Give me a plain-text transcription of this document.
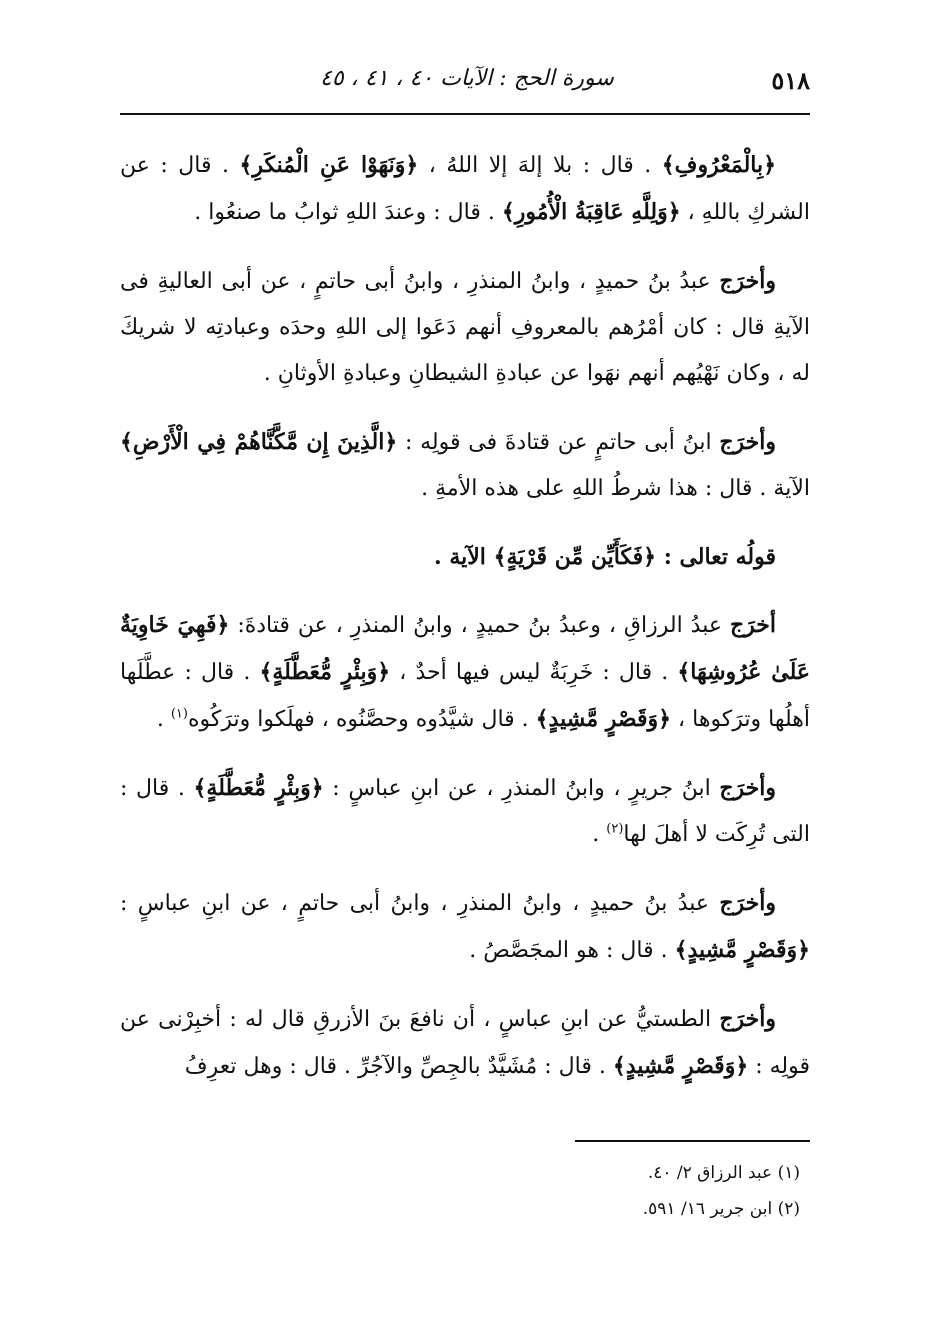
٥١٨
سورة الحج : الآيات ٤٠ ، ٤١ ، ٤٥

﴿بِالْمَعْرُوفِ﴾ . قال : بلا إلهَ إلا اللهُ ، ﴿وَنَهَوْا عَنِ الْمُنكَرِ﴾ . قال : عن الشركِ باللهِ ، ﴿وَلِلَّهِ عَاقِبَةُ الْأُمُورِ﴾ . قال : وعندَ اللهِ ثوابُ ما صنعُوا .

وأخرَج عبدُ بنُ حميدٍ ، وابنُ المنذرِ ، وابنُ أبى حاتمٍ ، عن أبى العاليةِ فى الآيةِ قال : كان أمْرُهم بالمعروفِ أنهم دَعَوا إلى اللهِ وحدَه وعبادتِه لا شريكَ له ، وكان نَهْيُهم أنهم نهَوا عن عبادةِ الشيطانِ وعبادةِ الأوثانِ .

وأخرَج ابنُ أبى حاتمٍ عن قتادةَ فى قولِه : ﴿الَّذِينَ إِن مَّكَّنَّاهُمْ فِي الْأَرْضِ﴾ الآية . قال : هذا شرطُ اللهِ على هذه الأمةِ .

قولُه تعالى : ﴿فَكَأَيِّن مِّن قَرْيَةٍ﴾ الآية .

أخرَج عبدُ الرزاقِ ، وعبدُ بنُ حميدٍ ، وابنُ المنذرِ ، عن قتادةَ: ﴿فَهِيَ خَاوِيَةٌ عَلَىٰ عُرُوشِهَا﴾ . قال : خَرِبَةٌ ليس فيها أحدٌ ، ﴿وَبِئْرٍ مُّعَطَّلَةٍ﴾ . قال : عطَّلَها أهلُها وترَكوها ، ﴿وَقَصْرٍ مَّشِيدٍ﴾ . قال شيَّدُوه وحصَّنُوه ، فهلَكوا وترَكُوه$^{(١)}$ .

وأخرَج ابنُ جريرٍ ، وابنُ المنذرِ ، عن ابنِ عباسٍ : ﴿وَبِئْرٍ مُّعَطَّلَةٍ﴾ . قال : التى تُرِكَت لا أهلَ لها$^{(٢)}$ .

وأخرَج عبدُ بنُ حميدٍ ، وابنُ المنذرِ ، وابنُ أبى حاتمٍ ، عن ابنِ عباسٍ : ﴿وَقَصْرٍ مَّشِيدٍ﴾ . قال : هو المجَصَّصُ .

وأخرَج الطستيُّ عن ابنِ عباسٍ ، أن نافعَ بنَ الأزرقِ قال له : أخبِرْنى عن قولِه : ﴿وَقَصْرٍ مَّشِيدٍ﴾ . قال : مُشَيَّدٌ بالجِصِّ والآجُرِّ . قال : وهل تعرِفُ

(١) عبد الرزاق ٢/ ٤٠.
(٢) ابن جرير ١٦/ ٥٩١.
